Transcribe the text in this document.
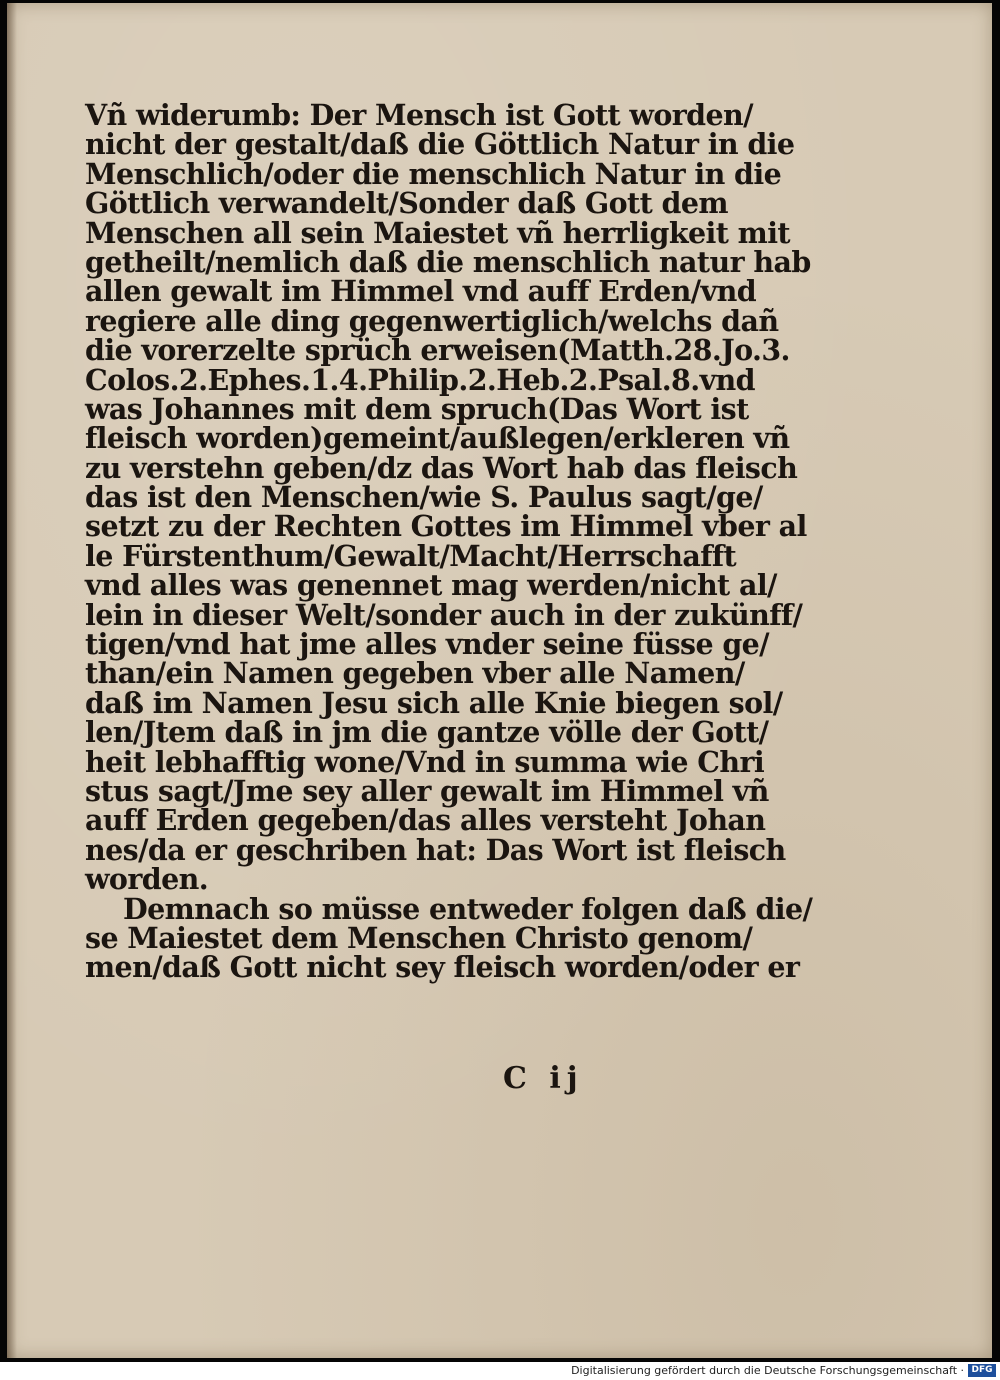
Vñ widerumb: Der Mensch ist Gott worden/
nicht der gestalt/daß die Göttlich Natur in die
Menschlich/oder die menschlich Natur in die
Göttlich verwandelt/Sonder daß Gott dem
Menschen all sein Maiestet vñ herrligkeit mit
getheilt/nemlich daß die menschlich natur hab
allen gewalt im Himmel vnd auff Erden/vnd
regiere alle ding gegenwertiglich/welchs dañ
die vorerzelte sprüch erweisen(Matth.28.Jo.3.
Colos.2.Ephes.1.4.Philip.2.Heb.2.Psal.8.vnd
was Johannes mit dem spruch(Das Wort ist
fleisch worden)gemeint/außlegen/erkleren vñ
zu verstehn geben/dz das Wort hab das fleisch
das ist den Menschen/wie S. Paulus sagt/ge/
setzt zu der Rechten Gottes im Himmel vber al
le Fürstenthum/Gewalt/Macht/Herrschafft
vnd alles was genennet mag werden/nicht al/
lein in dieser Welt/sonder auch in der zukünff/
tigen/vnd hat jme alles vnder seine füsse ge/
than/ein Namen gegeben vber alle Namen/
daß im Namen Jesu sich alle Knie biegen sol/
len/Jtem daß in jm die gantze völle der Gott/
heit lebhafftig wone/Vnd in summa wie Chri
stus sagt/Jme sey aller gewalt im Himmel vñ
auff Erden gegeben/das alles versteht Johan
nes/da er geschriben hat: Das Wort ist fleisch
worden.
Demnach so müsse entweder folgen daß die/
se Maiestet dem Menschen Christo genom/
men/daß Gott nicht sey fleisch worden/oder er
C ij
Digitalisierung gefördert durch die Deutsche Forschungsgemeinschaft · DFG
